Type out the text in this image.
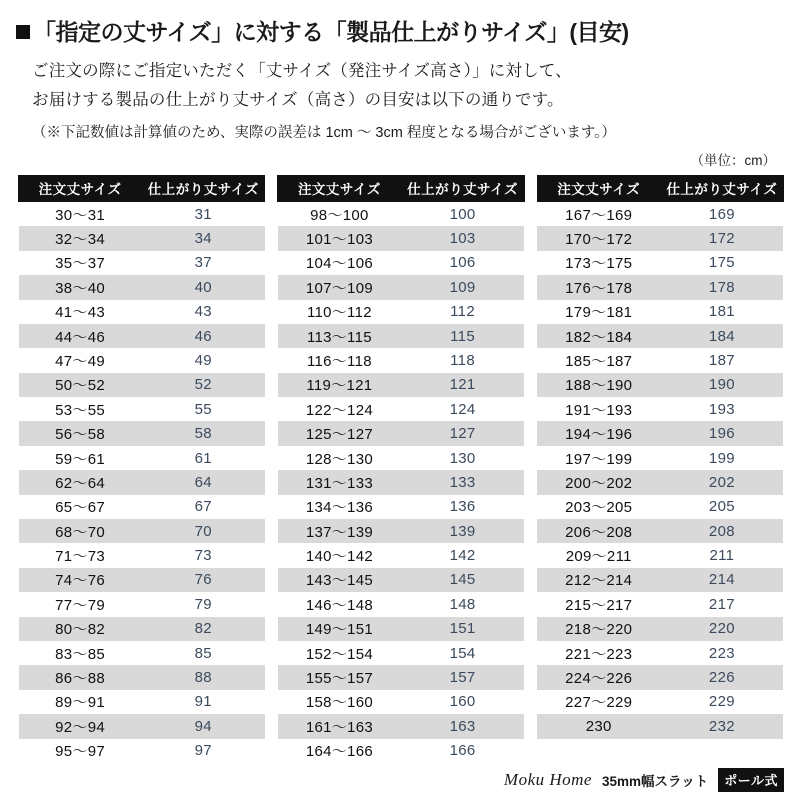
「指定の丈サイズ」に対する「製品仕上がりサイズ」(目安)
ご注文の際にご指定いただく「丈サイズ（発注サイズ高さ）」に対して、
お届けする製品の仕上がり丈サイズ（高さ）の目安は以下の通りです。
（※下記数値は計算値のため、実際の誤差は 1cm 〜 3cm 程度となる場合がございます。）
（単位：cm）
注文丈サイズ	仕上がり丈サイズ
30〜31	31
32〜34	34
35〜37	37
38〜40	40
41〜43	43
44〜46	46
47〜49	49
50〜52	52
53〜55	55
56〜58	58
59〜61	61
62〜64	64
65〜67	67
68〜70	70
71〜73	73
74〜76	76
77〜79	79
80〜82	82
83〜85	85
86〜88	88
89〜91	91
92〜94	94
95〜97	97
注文丈サイズ	仕上がり丈サイズ
98〜100	100
101〜103	103
104〜106	106
107〜109	109
110〜112	112
113〜115	115
116〜118	118
119〜121	121
122〜124	124
125〜127	127
128〜130	130
131〜133	133
134〜136	136
137〜139	139
140〜142	142
143〜145	145
146〜148	148
149〜151	151
152〜154	154
155〜157	157
158〜160	160
161〜163	163
164〜166	166
注文丈サイズ	仕上がり丈サイズ
167〜169	169
170〜172	172
173〜175	175
176〜178	178
179〜181	181
182〜184	184
185〜187	187
188〜190	190
191〜193	193
194〜196	196
197〜199	199
200〜202	202
203〜205	205
206〜208	208
209〜211	211
212〜214	214
215〜217	217
218〜220	220
221〜223	223
224〜226	226
227〜229	229
230	232

Moku Home 35mm幅スラット	ポール式
